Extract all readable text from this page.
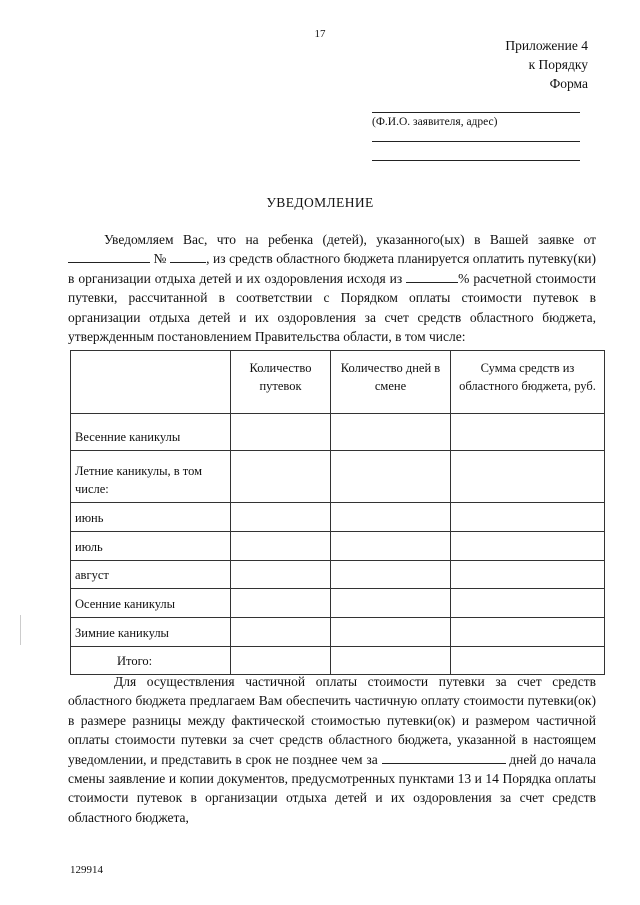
17
Приложение 4
к Порядку
Форма
(Ф.И.О. заявителя, адрес)
УВЕДОМЛЕНИЕ

Уведомляем Вас, что на ребенка (детей), указанного(ых) в Вашей заявке от  №	, из средств областного бюджета планируется оплатить путевку(ки) в организации отдыха детей и их оздоровления исходя из	% расчетной стоимости путевки, рассчитанной в соответствии с Порядком оплаты стоимости путевок в организации отдыха детей и их оздоровления за счет средств областного бюджета, утвержденным постановлением Правительства области, в том числе:

	Количество путевок	Количество дней в смене	Сумма средств из областного бюджета, руб.
Весенние каникулы			
Летние каникулы, в том числе:			
июнь			
июль			
август			
Осенние каникулы			
Зимние каникулы			
Итого:			

Для осуществления частичной оплаты стоимости путевки за счет средств областного бюджета предлагаем Вам обеспечить частичную оплату стоимости путевки(ок) в размере разницы между фактической стоимостью путевки(ок) и размером частичной оплаты стоимости путевки за счет средств областного бюджета, указанной в настоящем уведомлении, и представить в срок не позднее чем за	дней до начала смены заявление и копии документов, предусмотренных пунктами 13 и 14 Порядка оплаты стоимости путевок в организации отдыха детей и их оздоровления за счет средств областного бюджета,

129914
